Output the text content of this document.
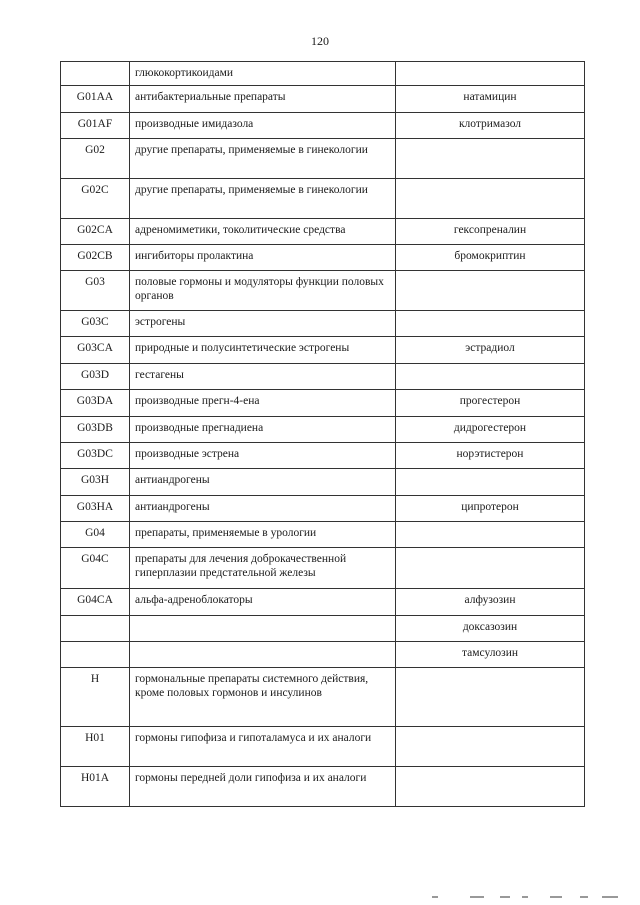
120
	глюкокортикоидами	
G01AA	антибактериальные препараты	натамицин
G01AF	производные имидазола	клотримазол
G02	другие препараты, применяемые в гинекологии	
G02C	другие препараты, применяемые в гинекологии	
G02CA	адреномиметики, токолитические средства	гексопреналин
G02CB	ингибиторы пролактина	бромокриптин
G03	половые гормоны и модуляторы функции половых органов	
G03C	эстрогены	
G03CA	природные и полусинтетические эстрогены	эстрадиол
G03D	гестагены	
G03DA	производные прегн-4-ена	прогестерон
G03DB	производные прегнадиена	дидрогестерон
G03DC	производные эстрена	норэтистерон
G03H	антиандрогены	
G03HA	антиандрогены	ципротерон
G04	препараты, применяемые в урологии	
G04C	препараты для лечения доброкачественной гиперплазии предстательной железы	
G04CA	альфа-адреноблокаторы	алфузозин
		доксазозин
		тамсулозин
H	гормональные препараты системного действия, кроме половых гормонов и инсулинов	
H01	гормоны гипофиза и гипоталамуса и их аналоги	
H01A	гормоны передней доли гипофиза и их аналоги	
